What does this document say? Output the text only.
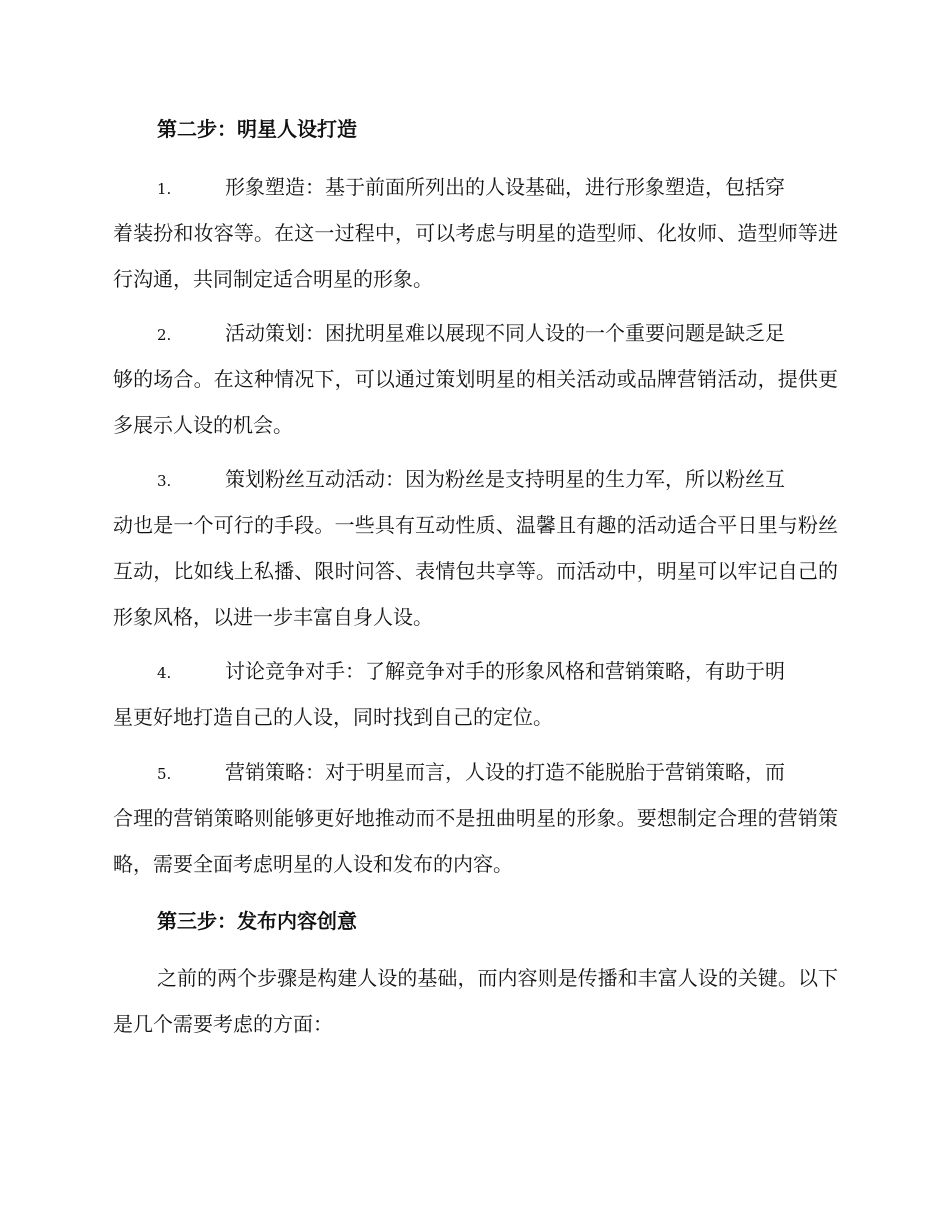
第二步：明星人设打造
1.	形象塑造：基于前面所列出的人设基础，进行形象塑造，包括穿
着装扮和妆容等。在这一过程中，可以考虑与明星的造型师、化妆师、造型师等进行沟通，共同制定适合明星的形象。
2.	活动策划：困扰明星难以展现不同人设的一个重要问题是缺乏足
够的场合。在这种情况下，可以通过策划明星的相关活动或品牌营销活动，提供更多展示人设的机会。
3.	策划粉丝互动活动：因为粉丝是支持明星的生力军，所以粉丝互
动也是一个可行的手段。一些具有互动性质、温馨且有趣的活动适合平日里与粉丝互动，比如线上私播、限时问答、表情包共享等。而活动中，明星可以牢记自己的形象风格，以进一步丰富自身人设。
4.	讨论竞争对手：了解竞争对手的形象风格和营销策略，有助于明
星更好地打造自己的人设，同时找到自己的定位。
5.	营销策略：对于明星而言，人设的打造不能脱胎于营销策略，而
合理的营销策略则能够更好地推动而不是扭曲明星的形象。要想制定合理的营销策略，需要全面考虑明星的人设和发布的内容。
第三步：发布内容创意
之前的两个步骤是构建人设的基础，而内容则是传播和丰富人设的关键。以下是几个需要考虑的方面：
